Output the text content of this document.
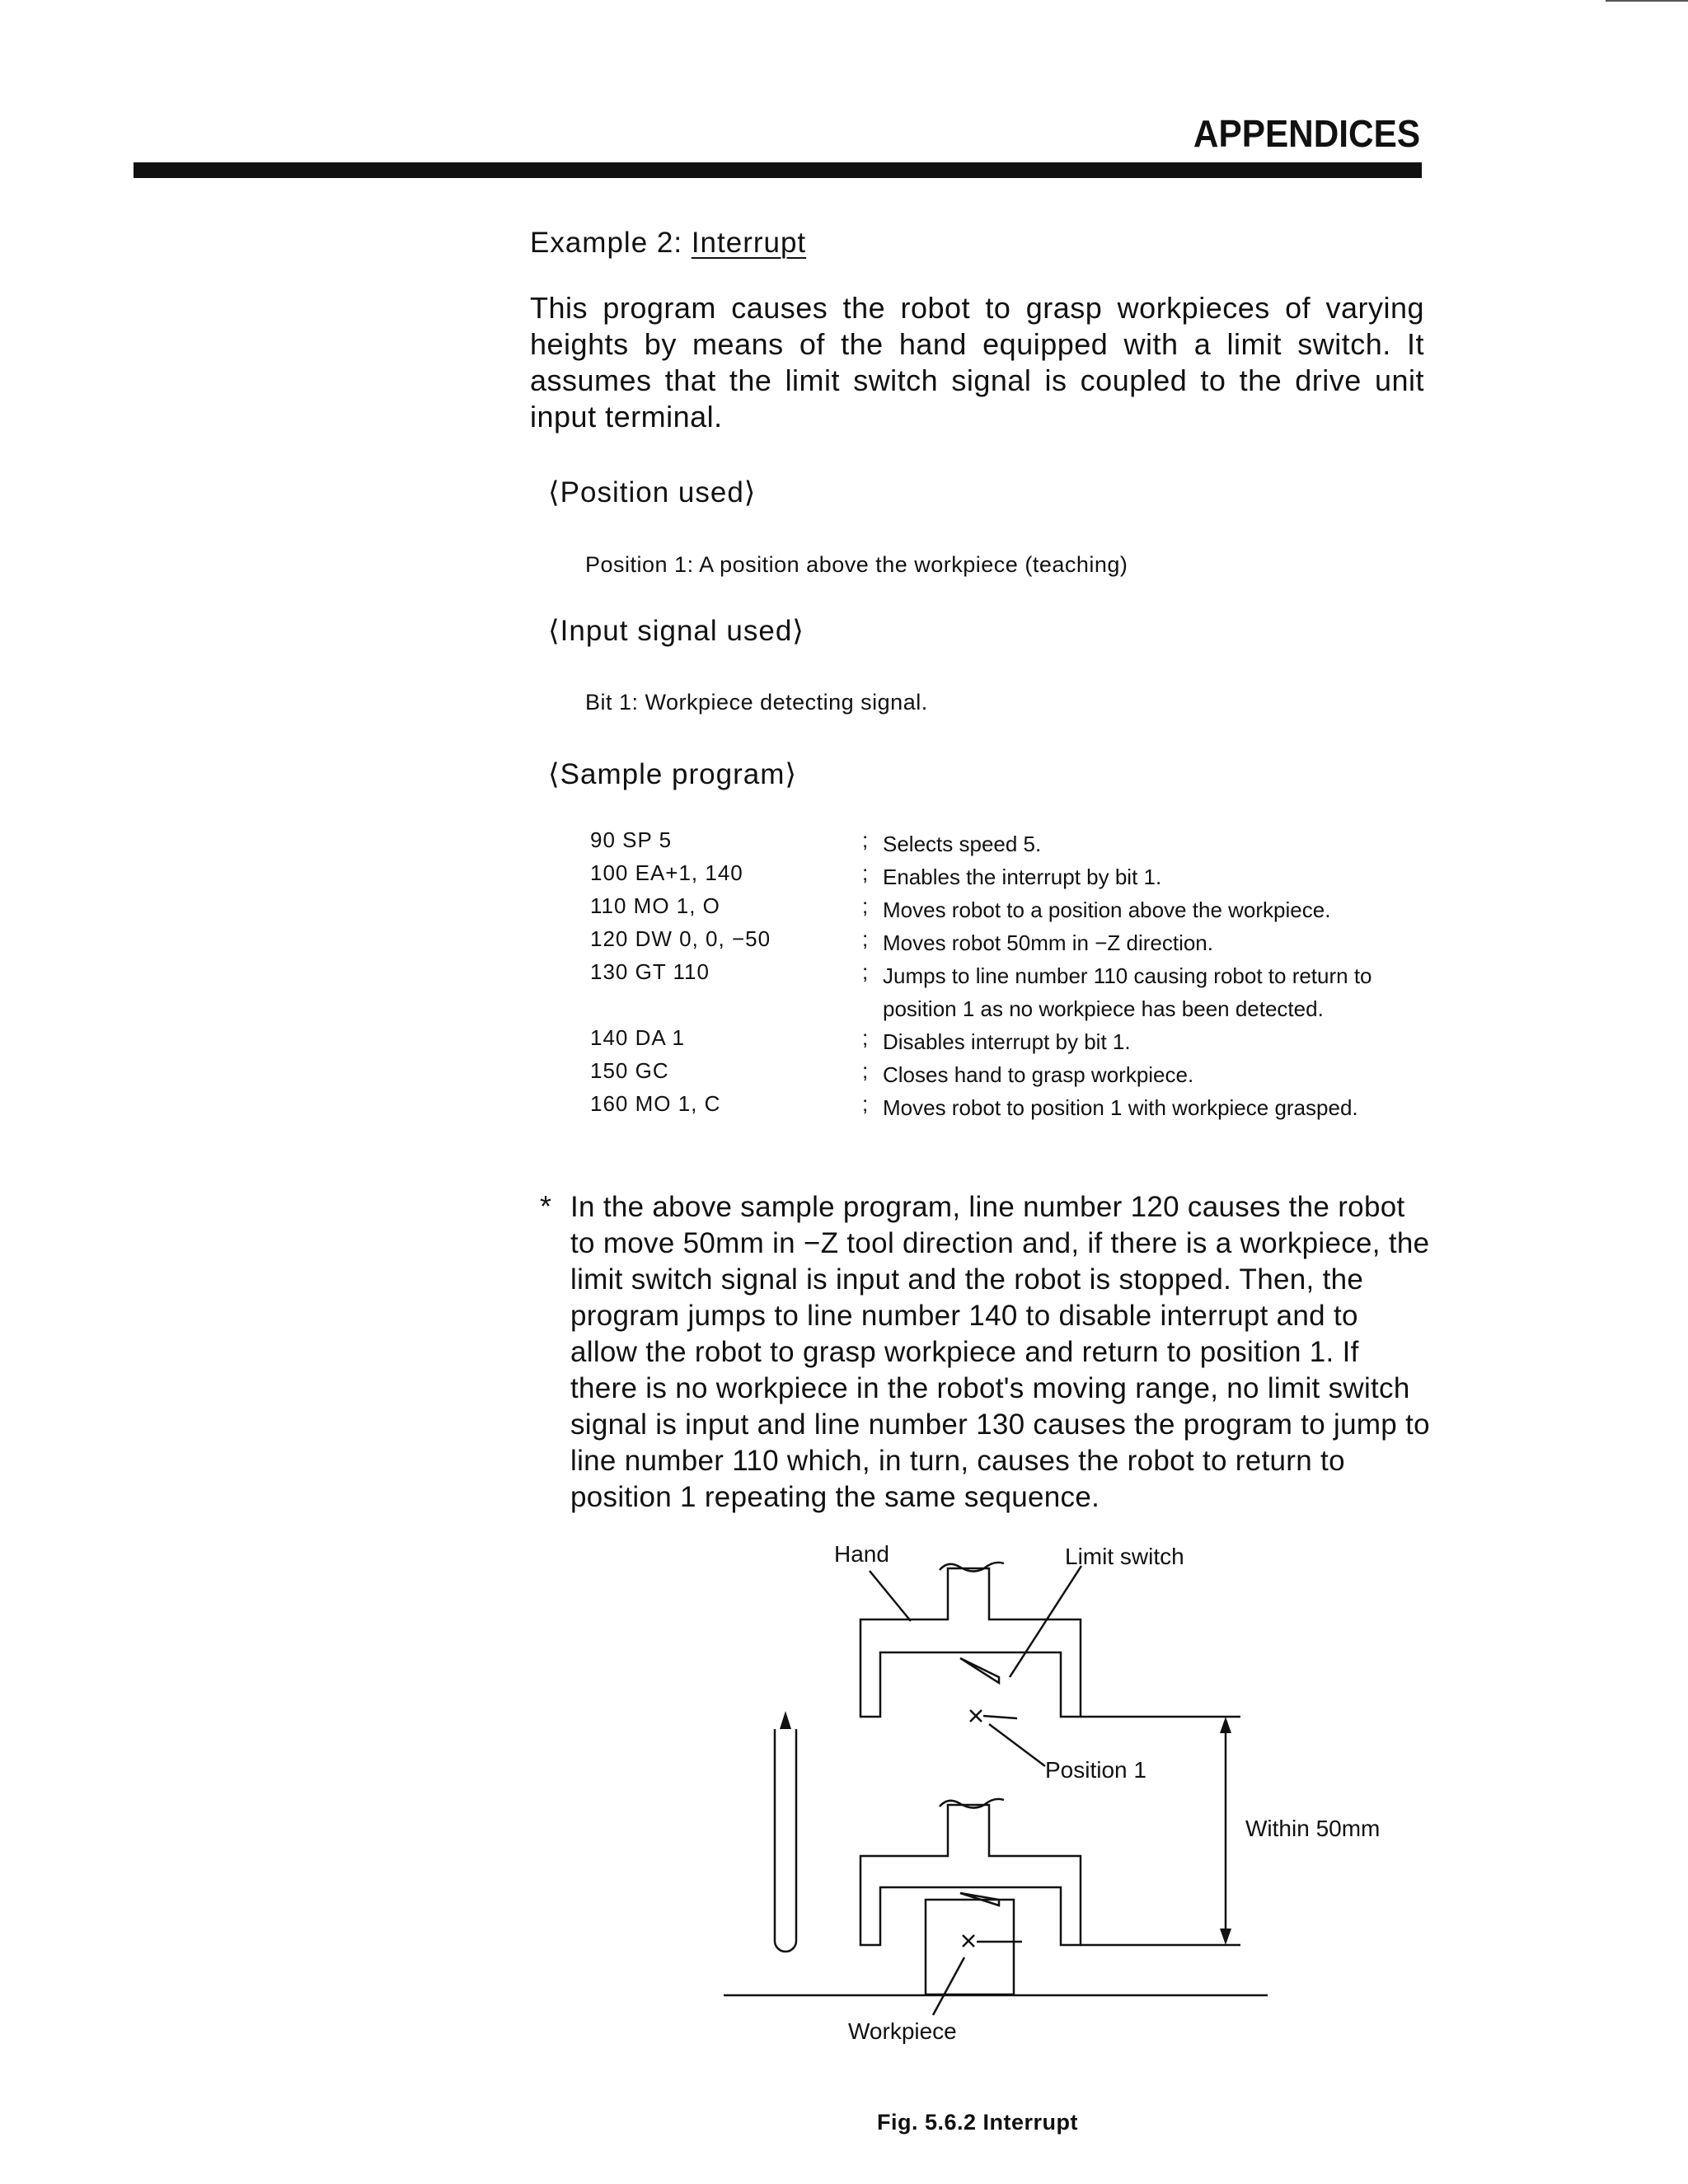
APPENDICES
Example 2: Interrupt
This program causes the robot to grasp workpieces of varying heights by means of the hand equipped with a limit switch. It assumes that the limit switch signal is coupled to the drive unit input terminal.
⟨Position used⟩
Position 1: A position above the workpiece (teaching)
⟨Input signal used⟩
Bit 1: Workpiece detecting signal.
⟨Sample program⟩
90 SP 5	; Selects speed 5.
100 EA+1, 140	; Enables the interrupt by bit 1.
110 MO 1, O	; Moves robot to a position above the workpiece.
120 DW 0, 0, −50	; Moves robot 50mm in −Z direction.
130 GT 110	; Jumps to line number 110 causing robot to return to position 1 as no workpiece has been detected.
140 DA 1	; Disables interrupt by bit 1.
150 GC	; Closes hand to grasp workpiece.
160 MO 1, C	; Moves robot to position 1 with workpiece grasped.
* In the above sample program, line number 120 causes the robot to move 50mm in −Z tool direction and, if there is a workpiece, the limit switch signal is input and the robot is stopped. Then, the program jumps to line number 140 to disable interrupt and to allow the robot to grasp workpiece and return to position 1. If there is no workpiece in the robot's moving range, no limit switch signal is input and line number 130 causes the program to jump to line number 110 which, in turn, causes the robot to return to position 1 repeating the same sequence.
Hand	Limit switch
Position 1
Within 50mm
Workpiece
Fig. 5.6.2 Interrupt
